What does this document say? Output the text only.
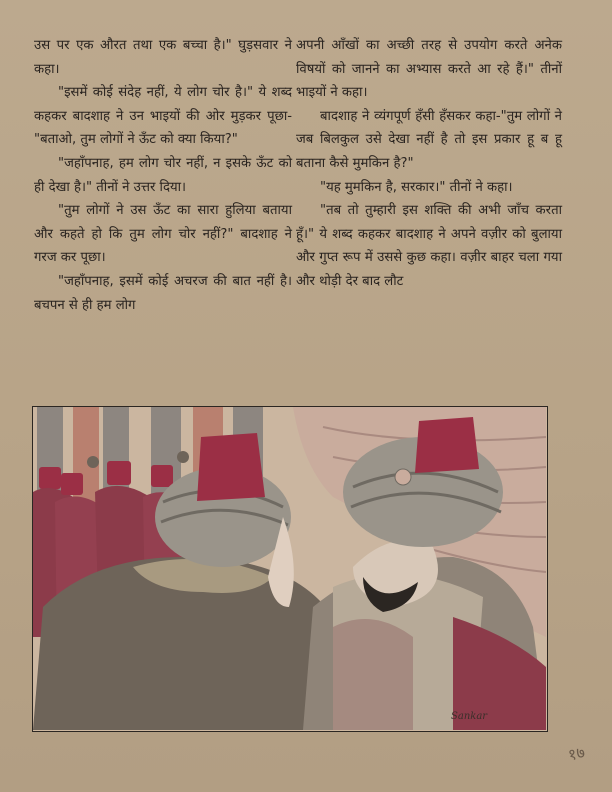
उस पर एक औरत तथा एक बच्चा है।" घुड़सवार ने कहा।

"इसमें कोई संदेह नहीं, ये लोग चोर है।" ये शब्द कहकर बादशाह ने उन भाइयों की ओर मुड़कर पूछा-"बताओ, तुम लोगों ने ऊँट को क्या किया?"

"जहाँपनाह, हम लोग चोर नहीं, न इसके ऊँट को ही देखा है।" तीनों ने उत्तर दिया।

"तुम लोगों ने उस ऊँट का सारा हुलिया बताया और कहते हो कि तुम लोग चोर नहीं?" बादशाह ने गरज कर पूछा।

"जहाँपनाह, इसमें कोई अचरज की बात नहीं है। बचपन से ही हम लोग

अपनी आँखों का अच्छी तरह से उपयोग करते अनेक विषयों को जानने का अभ्यास करते आ रहे हैं।" तीनों भाइयों ने कहा।

बादशाह ने व्यंगपूर्ण हँसी हँसकर कहा-"तुम लोगों ने जब बिलकुल उसे देखा नहीं है तो इस प्रकार हू ब हू बताना कैसे मुमकिन है?"

"यह मुमकिन है, सरकार।" तीनों ने कहा।

"तब तो तुम्हारी इस शक्ति की अभी जाँच करता हूँ।" ये शब्द कहकर बादशाह ने अपने वज़ीर को बुलाया और गुप्त रूप में उससे कुछ कहा। वज़ीर बाहर चला गया और थोड़ी देर बाद लौट

Sankar
१७
